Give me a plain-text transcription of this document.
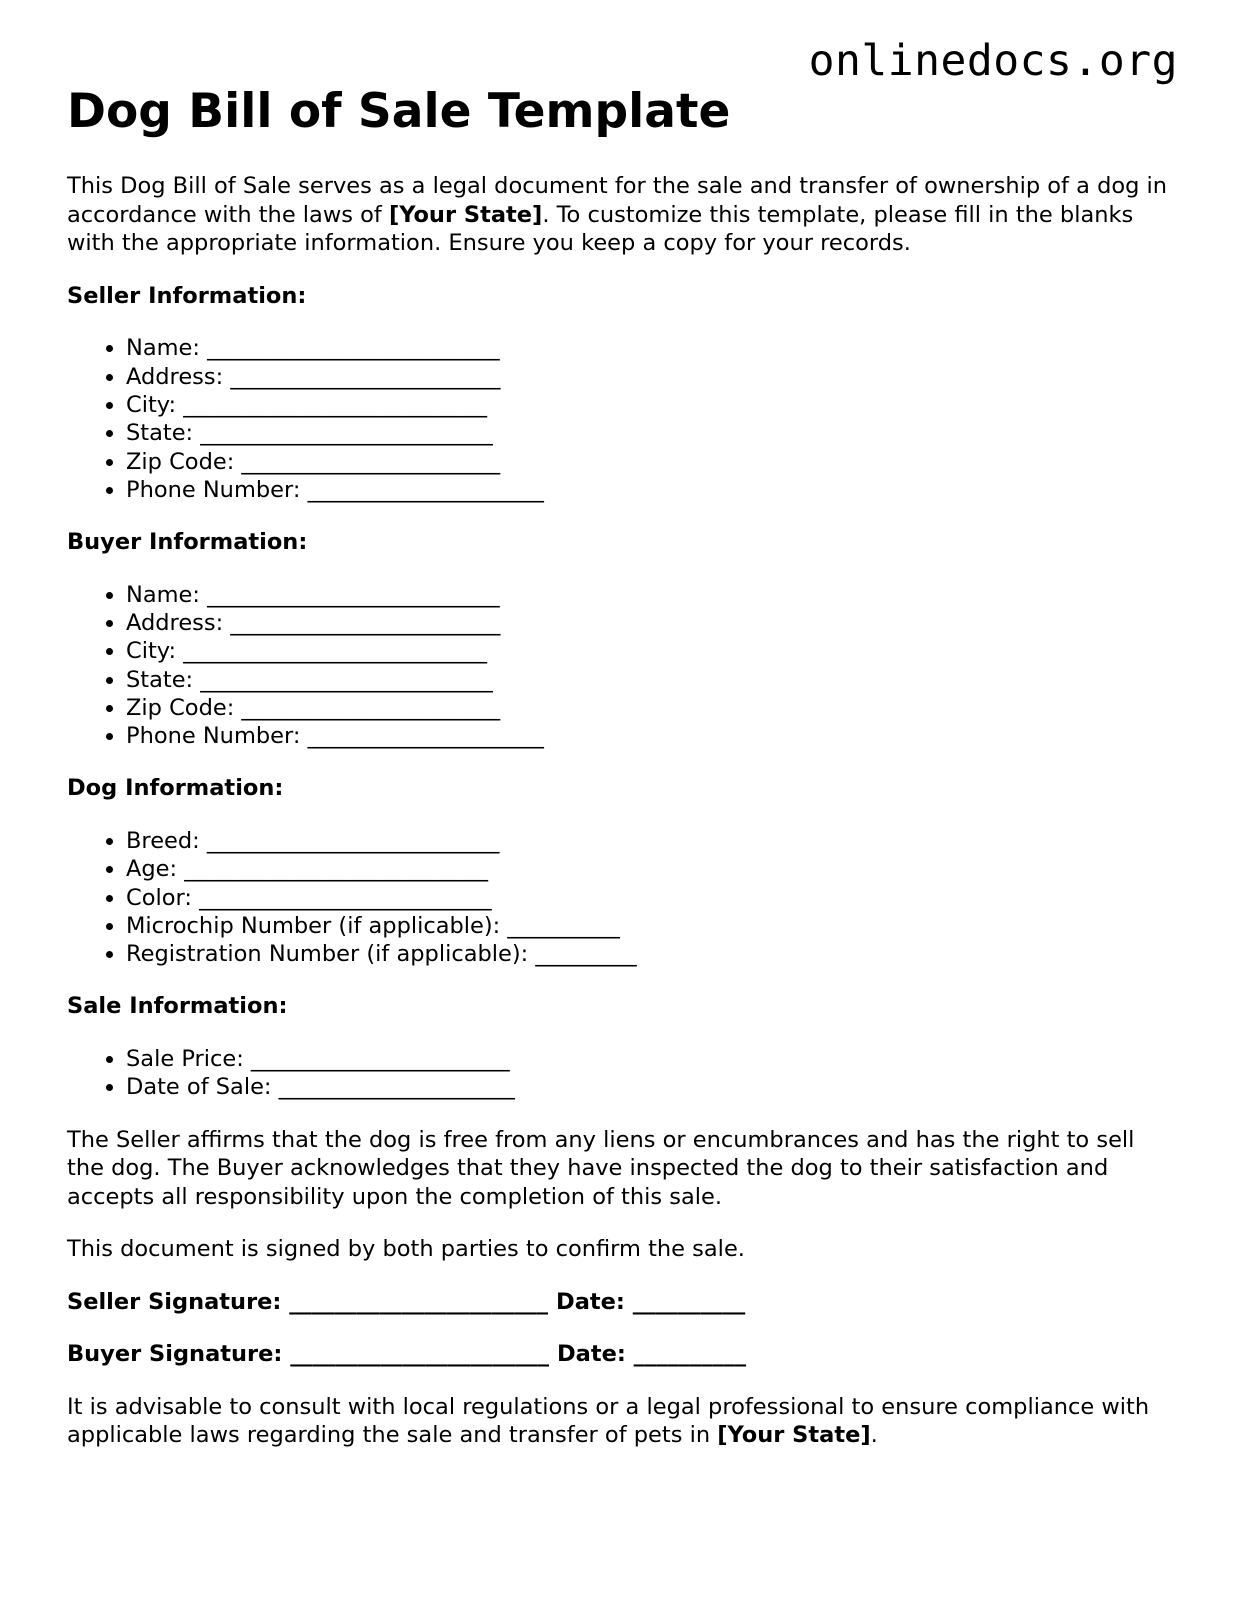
onlinedocs.org
Dog Bill of Sale Template

This Dog Bill of Sale serves as a legal document for the sale and transfer of ownership of a dog in accordance with the laws of [Your State]. To customize this template, please fill in the blanks with the appropriate information. Ensure you keep a copy for your records.

Seller Information:
• Name: __________________________
• Address: ________________________
• City: ___________________________
• State: __________________________
• Zip Code: _______________________
• Phone Number: _____________________
Buyer Information:
• Name: __________________________
• Address: ________________________
• City: ___________________________
• State: __________________________
• Zip Code: _______________________
• Phone Number: _____________________
Dog Information:
• Breed: __________________________
• Age: ___________________________
• Color: __________________________
• Microchip Number (if applicable): __________
• Registration Number (if applicable): _________
Sale Information:
• Sale Price: _______________________
• Date of Sale: _____________________

The Seller affirms that the dog is free from any liens or encumbrances and has the right to sell the dog. The Buyer acknowledges that they have inspected the dog to their satisfaction and accepts all responsibility upon the completion of this sale.

This document is signed by both parties to confirm the sale.

Seller Signature: _______________________ Date: __________
Buyer Signature: _______________________ Date: __________

It is advisable to consult with local regulations or a legal professional to ensure compliance with applicable laws regarding the sale and transfer of pets in [Your State].
